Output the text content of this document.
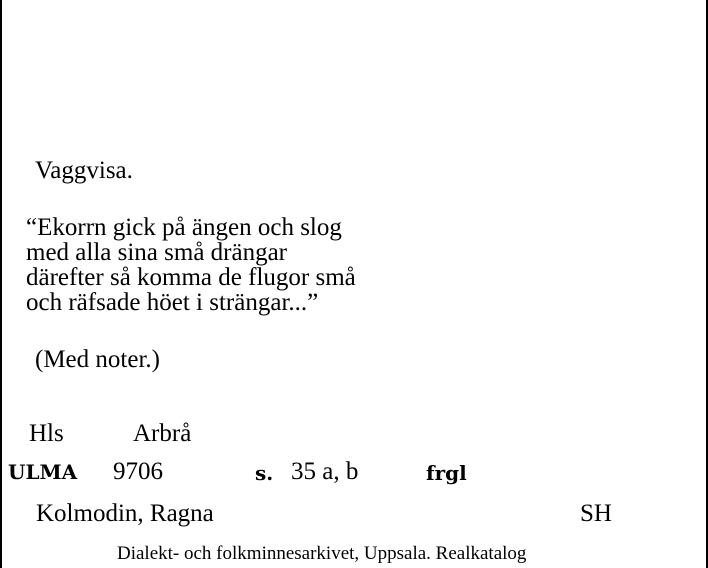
Vaggvisa.
“Ekorrn gick på ängen och slog
med alla sina små drängar
därefter så komma de flugor små
och räfsade höet i strängar...”
(Med noter.)
Hls	Arbrå
ULMA 9706	s. 35 a, b	frgl
Kolmodin, Ragna	SH
Dialekt- och folkminnesarkivet, Uppsala. Realkatalog
